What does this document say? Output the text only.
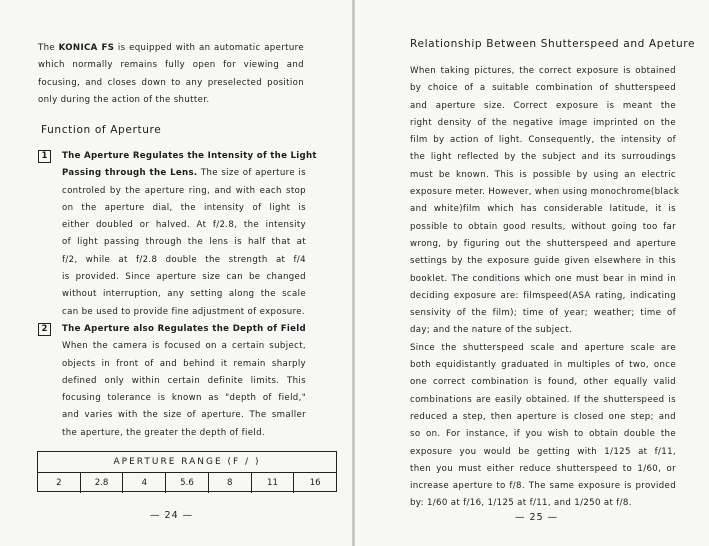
The KONICA FS is equipped with an automatic aperture
which normally remains fully open for viewing and
focusing, and closes down to any preselected position
only during the action of the shutter.
Function of Aperture
1	The Aperture Regulates the Intensity of the Light
Passing through the Lens. The size of aperture is
controled by the aperture ring, and with each stop
on the aperture dial, the intensity of light is
either doubled or halved. At f/2.8, the intensity
of light passing through the lens is half that at
f/2, while at f/2.8 double the strength at f/4
is provided. Since aperture size can be changed
without interruption, any setting along the scale
can be used to provide fine adjustment of exposure.
2	The Aperture also Regulates the Depth of Field
When the camera is focused on a certain subject,
objects in front of and behind it remain sharply
defined only within certain definite limits. This
focusing tolerance is known as "depth of field,"
and varies with the size of aperture. The smaller
the aperture, the greater the depth of field.
APERTURE RANGE (F / )
2	2.8	4	5.6	8	11	16
— 24 —
Relationship Between Shutterspeed and Apeture
When taking pictures, the correct exposure is obtained
by choice of a suitable combination of shutterspeed
and aperture size. Correct exposure is meant the
right density of the negative image imprinted on the
film by action of light. Consequently, the intensity of
the light reflected by the subject and its surroudings
must be known. This is possible by using an electric
exposure meter. However, when using monochrome(black
and white)film which has considerable latitude, it is
possible to obtain good results, without going too far
wrong, by figuring out the shutterspeed and aperture
settings by the exposure guide given elsewhere in this
booklet. The conditions which one must bear in mind in
deciding exposure are: filmspeed(ASA rating, indicating
sensivity of the film); time of year; weather; time of
day; and the nature of the subject.
Since the shutterspeed scale and aperture scale are
both equidistantly graduated in multiples of two, once
one correct combination is found, other equally valid
combinations are easily obtained. If the shutterspeed is
reduced a step, then aperture is closed one step; and
so on. For instance, if you wish to obtain double the
exposure you would be getting with 1/125 at f/11,
then you must either reduce shutterspeed to 1/60, or
increase aperture to f/8. The same exposure is provided
by: 1/60 at f/16, 1/125 at f/11, and 1/250 at f/8.
— 25 —
